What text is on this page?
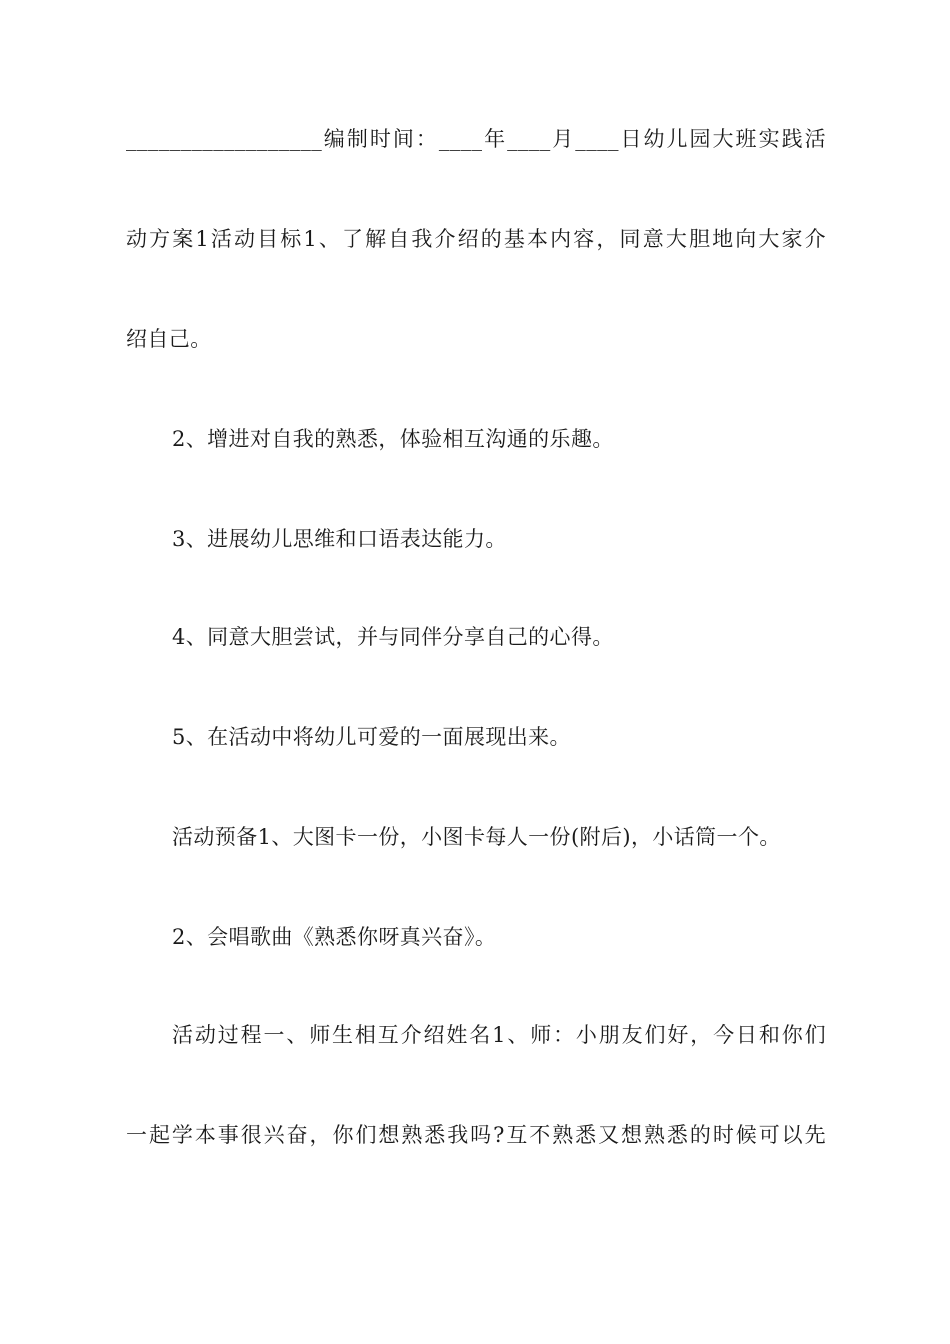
__________________编制时间：____年____月____日幼儿园大班实践活
动方案1活动目标1、了解自我介绍的基本内容，同意大胆地向大家介
绍自己。
2、增进对自我的熟悉，体验相互沟通的乐趣。
3、进展幼儿思维和口语表达能力。
4、同意大胆尝试，并与同伴分享自己的心得。
5、在活动中将幼儿可爱的一面展现出来。
活动预备1、大图卡一份，小图卡每人一份(附后)，小话筒一个。
2、会唱歌曲《熟悉你呀真兴奋》。
活动过程一、师生相互介绍姓名1、师：小朋友们好，今日和你们
一起学本事很兴奋，你们想熟悉我吗?互不熟悉又想熟悉的时候可以先
